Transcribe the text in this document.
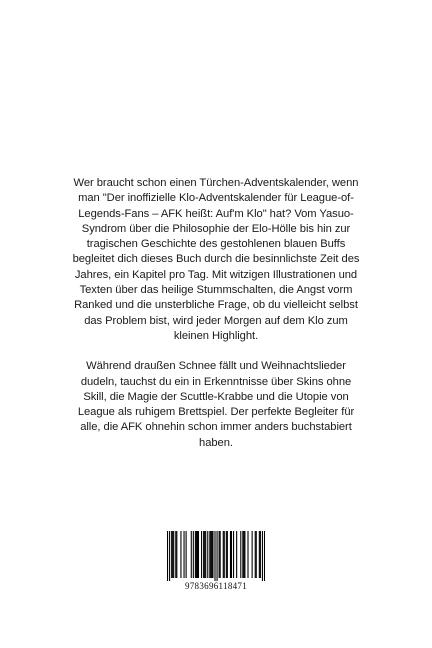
Wer braucht schon einen Türchen-Adventskalender, wenn man "Der inoffizielle Klo-Adventskalender für League-of-Legends-Fans – AFK heißt: Auf'm Klo" hat? Vom Yasuo-Syndrom über die Philosophie der Elo-Hölle bis hin zur tragischen Geschichte des gestohlenen blauen Buffs begleitet dich dieses Buch durch die besinnlichste Zeit des Jahres, ein Kapitel pro Tag. Mit witzigen Illustrationen und Texten über das heilige Stummschalten, die Angst vorm Ranked und die unsterbliche Frage, ob du vielleicht selbst das Problem bist, wird jeder Morgen auf dem Klo zum kleinen Highlight.

Während draußen Schnee fällt und Weihnachtslieder dudeln, tauchst du ein in Erkenntnisse über Skins ohne Skill, die Magie der Scuttle-Krabbe und die Utopie von League als ruhigem Brettspiel. Der perfekte Begleiter für alle, die AFK ohnehin schon immer anders buchstabiert haben.

9783696118471
